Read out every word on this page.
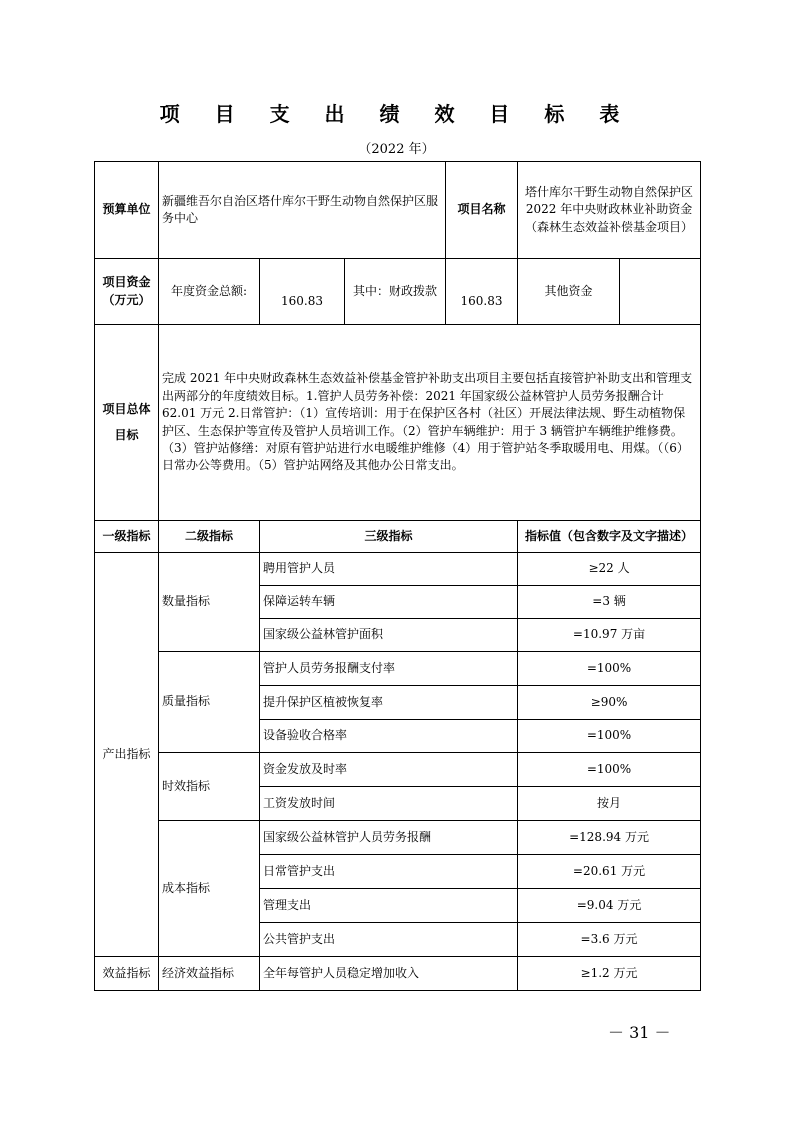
项 目 支 出 绩 效 目 标 表
（2022 年）
预算单位	新疆维吾尔自治区塔什库尔干野生动物自然保护区服务中心			项目名称	塔什库尔干野生动物自然保护区
2022 年中央财政林业补助资金
（森林生态效益补偿基金项目）	

项目资金
（万元）	年度资金总额:	160.83	其中：财政拨款	160.83	其他资金	
项目总体目标	完成 2021 年中央财政森林生态效益补偿基金管护补助支出项目主要包括直接管护补助支出和管理支出两部分的年度绩效目标。1.管护人员劳务补偿：2021 年国家级公益林管护人员劳务报酬合计 62.01 万元 2.日常管护：（1）宣传培训：用于在保护区各村（社区）开展法律法规、野生动植物保护区、生态保护等宣传及管护人员培训工作。（2）管护车辆维护：用于 3 辆管护车辆维护维修费。（3）管护站修缮：对原有管护站进行水电暖维护维修（4）用于管护站冬季取暖用电、用煤。（（6）日常办公等费用。（5）管护站网络及其他办公日常支出。					
一级指标	二级指标	三级指标			指标值（包含数字及文字描述）	
产出指标	数量指标	聘用管护人员			≥22 人	
		保障运转车辆			=3 辆	
		国家级公益林管护面积			=10.97 万亩	
	质量指标	管护人员劳务报酬支付率			=100%	
		提升保护区植被恢复率			≥90%	
		设备验收合格率			=100%	
	时效指标	资金发放及时率			=100%	
		工资发放时间			按月	
	成本指标	国家级公益林管护人员劳务报酬			=128.94 万元	
		日常管护支出			=20.61 万元	
		管理支出			=9.04 万元	
		公共管护支出			=3.6 万元	
效益指标	经济效益指标	全年每管护人员稳定增加收入			≥1.2 万元	
－ 31 －
